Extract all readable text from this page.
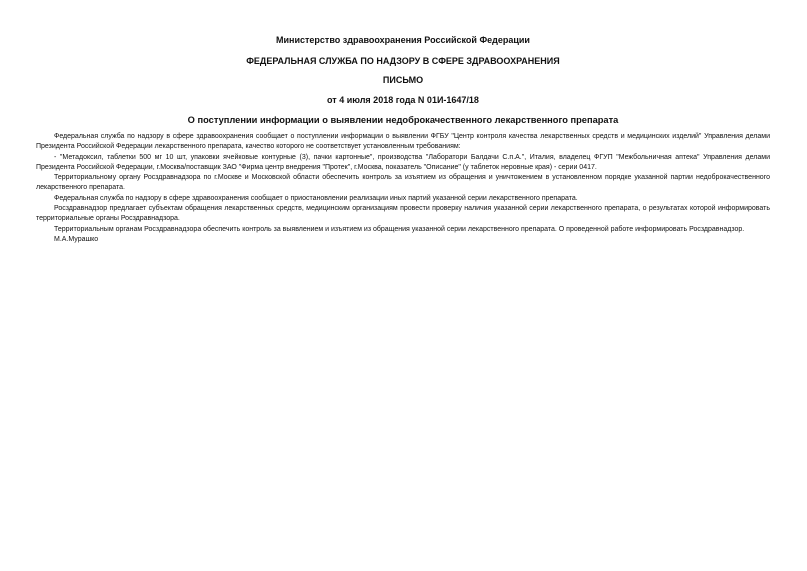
Министерство здравоохранения Российской Федерации
ФЕДЕРАЛЬНАЯ СЛУЖБА ПО НАДЗОРУ В СФЕРЕ ЗДРАВООХРАНЕНИЯ
ПИСЬМО
от 4 июля 2018 года N 01И-1647/18
О поступлении информации о выявлении недоброкачественного лекарственного препарата

Федеральная служба по надзору в сфере здравоохранения сообщает о поступлении информации о выявлении ФГБУ "Центр контроля качества лекарственных средств и медицинских изделий" Управления делами Президента Российской Федерации лекарственного препарата, качество которого не соответствует установленным требованиям:

- "Метадоксил, таблетки 500 мг 10 шт, упаковки ячейковые контурные (3), пачки картонные", производства "Лаборатори Балдачи С.п.А.", Италия, владелец ФГУП "Межбольничная аптека" Управления делами Президента Российской Федерации, г.Москва/поставщик ЗАО "Фирма центр внедрения "Протек", г.Москва, показатель "Описание" (у таблеток неровные края) - серии 0417.

Территориальному органу Росздравнадзора по г.Москве и Московской области обеспечить контроль за изъятием из обращения и уничтожением в установленном порядке указанной партии недоброкачественного лекарственного препарата.

Федеральная служба по надзору в сфере здравоохранения сообщает о приостановлении реализации иных партий указанной серии лекарственного препарата.

Росздравнадзор предлагает субъектам обращения лекарственных средств, медицинским организациям провести проверку наличия указанной серии лекарственного препарата, о результатах которой информировать территориальные органы Росздравнадзора.

Территориальным органам Росздравнадзора обеспечить контроль за выявлением и изъятием из обращения указанной серии лекарственного препарата. О проведенной работе информировать Росздравнадзор.

М.А.Мурашко
